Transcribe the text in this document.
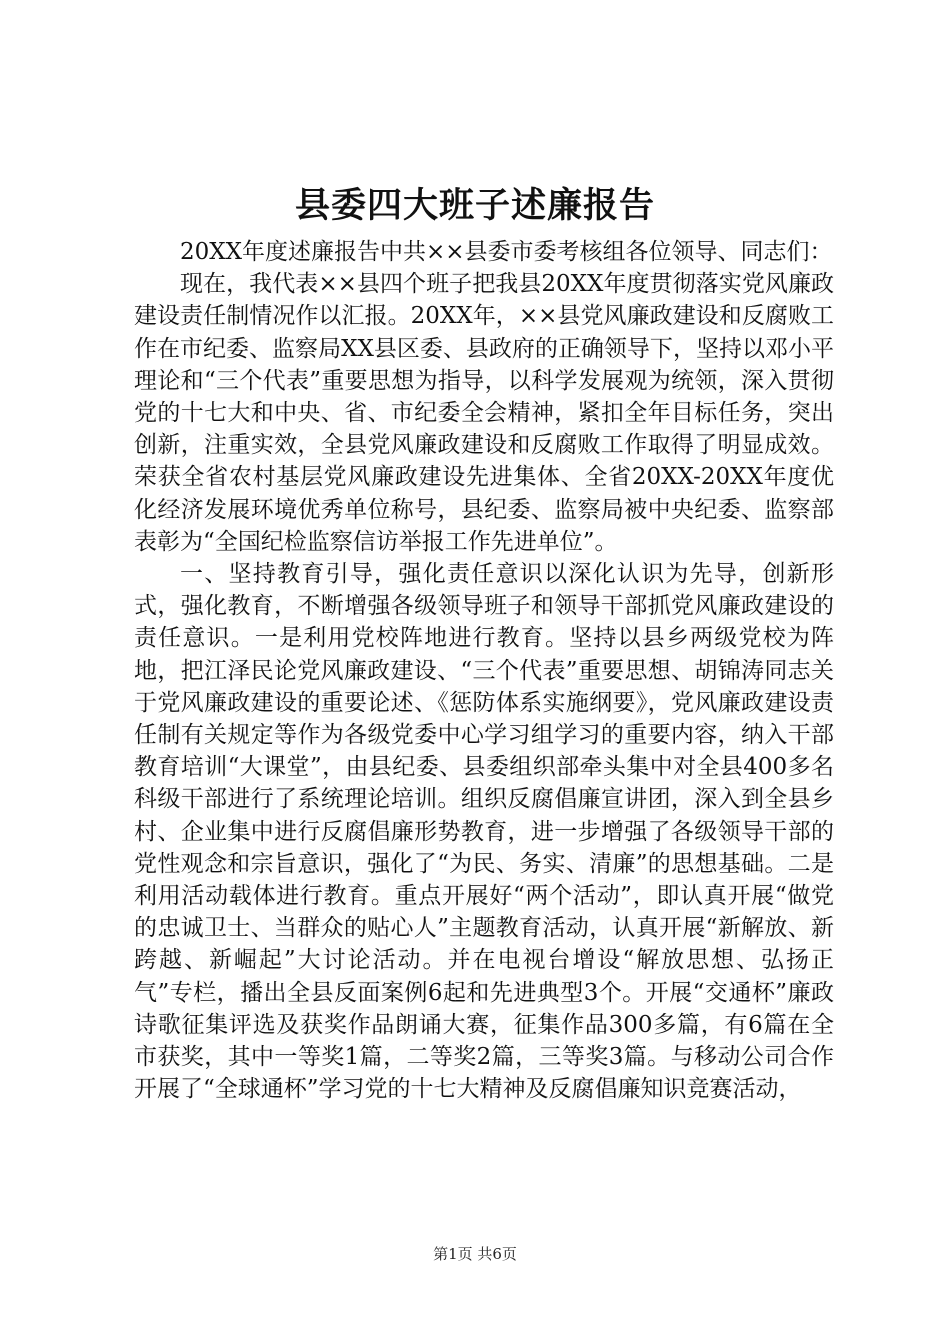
县委四大班子述廉报告

20XX年度述廉报告中共××县委市委考核组各位领导、同志们：

现在，我代表××县四个班子把我县20XX年度贯彻落实党风廉政建设责任制情况作以汇报。20XX年，××县党风廉政建设和反腐败工作在市纪委、监察局XX县区委、县政府的正确领导下，坚持以邓小平理论和“三个代表”重要思想为指导，以科学发展观为统领，深入贯彻党的十七大和中央、省、市纪委全会精神，紧扣全年目标任务，突出创新，注重实效，全县党风廉政建设和反腐败工作取得了明显成效。荣获全省农村基层党风廉政建设先进集体、全省20XX-20XX年度优化经济发展环境优秀单位称号，县纪委、监察局被中央纪委、监察部表彰为“全国纪检监察信访举报工作先进单位”。

一、坚持教育引导，强化责任意识以深化认识为先导，创新形式，强化教育，不断增强各级领导班子和领导干部抓党风廉政建设的责任意识。一是利用党校阵地进行教育。坚持以县乡两级党校为阵地，把江泽民论党风廉政建设、“三个代表”重要思想、胡锦涛同志关于党风廉政建设的重要论述、《惩防体系实施纲要》，党风廉政建设责任制有关规定等作为各级党委中心学习组学习的重要内容，纳入干部教育培训“大课堂”，由县纪委、县委组织部牵头集中对全县400多名科级干部进行了系统理论培训。组织反腐倡廉宣讲团，深入到全县乡村、企业集中进行反腐倡廉形势教育，进一步增强了各级领导干部的党性观念和宗旨意识，强化了“为民、务实、清廉”的思想基础。二是利用活动载体进行教育。重点开展好“两个活动”，即认真开展“做党的忠诚卫士、当群众的贴心人”主题教育活动，认真开展“新解放、新跨越、新崛起”大讨论活动。并在电视台增设“解放思想、弘扬正气”专栏，播出全县反面案例6起和先进典型3个。开展“交通杯”廉政诗歌征集评选及获奖作品朗诵大赛，征集作品300多篇，有6篇在全市获奖，其中一等奖1篇，二等奖2篇，三等奖3篇。与移动公司合作开展了“全球通杯”学习党的十七大精神及反腐倡廉知识竞赛活动，

第1页 共6页
